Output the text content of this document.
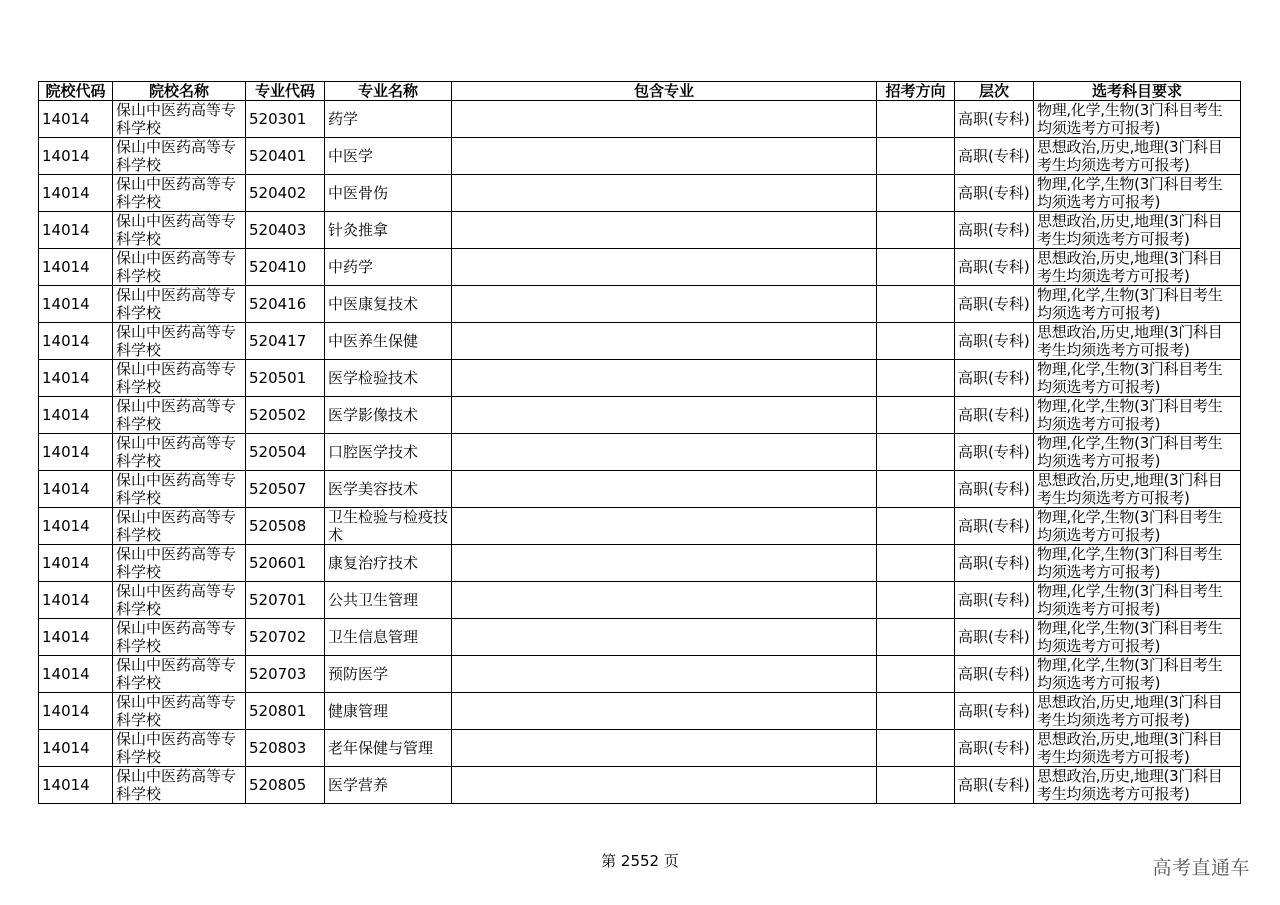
院校代码	院校名称	专业代码	专业名称	包含专业	招考方向	层次	选考科目要求
14014	保山中医药高等专科学校	520301	药学			高职(专科)	物理,化学,生物(3门科目考生均须选考方可报考)
14014	保山中医药高等专科学校	520401	中医学			高职(专科)	思想政治,历史,地理(3门科目考生均须选考方可报考)
14014	保山中医药高等专科学校	520402	中医骨伤			高职(专科)	物理,化学,生物(3门科目考生均须选考方可报考)
14014	保山中医药高等专科学校	520403	针灸推拿			高职(专科)	思想政治,历史,地理(3门科目考生均须选考方可报考)
14014	保山中医药高等专科学校	520410	中药学			高职(专科)	思想政治,历史,地理(3门科目考生均须选考方可报考)
14014	保山中医药高等专科学校	520416	中医康复技术			高职(专科)	物理,化学,生物(3门科目考生均须选考方可报考)
14014	保山中医药高等专科学校	520417	中医养生保健			高职(专科)	思想政治,历史,地理(3门科目考生均须选考方可报考)
14014	保山中医药高等专科学校	520501	医学检验技术			高职(专科)	物理,化学,生物(3门科目考生均须选考方可报考)
14014	保山中医药高等专科学校	520502	医学影像技术			高职(专科)	物理,化学,生物(3门科目考生均须选考方可报考)
14014	保山中医药高等专科学校	520504	口腔医学技术			高职(专科)	物理,化学,生物(3门科目考生均须选考方可报考)
14014	保山中医药高等专科学校	520507	医学美容技术			高职(专科)	思想政治,历史,地理(3门科目考生均须选考方可报考)
14014	保山中医药高等专科学校	520508	卫生检验与检疫技术			高职(专科)	物理,化学,生物(3门科目考生均须选考方可报考)
14014	保山中医药高等专科学校	520601	康复治疗技术			高职(专科)	物理,化学,生物(3门科目考生均须选考方可报考)
14014	保山中医药高等专科学校	520701	公共卫生管理			高职(专科)	物理,化学,生物(3门科目考生均须选考方可报考)
14014	保山中医药高等专科学校	520702	卫生信息管理			高职(专科)	物理,化学,生物(3门科目考生均须选考方可报考)
14014	保山中医药高等专科学校	520703	预防医学			高职(专科)	物理,化学,生物(3门科目考生均须选考方可报考)
14014	保山中医药高等专科学校	520801	健康管理			高职(专科)	思想政治,历史,地理(3门科目考生均须选考方可报考)
14014	保山中医药高等专科学校	520803	老年保健与管理			高职(专科)	思想政治,历史,地理(3门科目考生均须选考方可报考)
14014	保山中医药高等专科学校	520805	医学营养			高职(专科)	思想政治,历史,地理(3门科目考生均须选考方可报考)
第 2552 页	高考直通车
